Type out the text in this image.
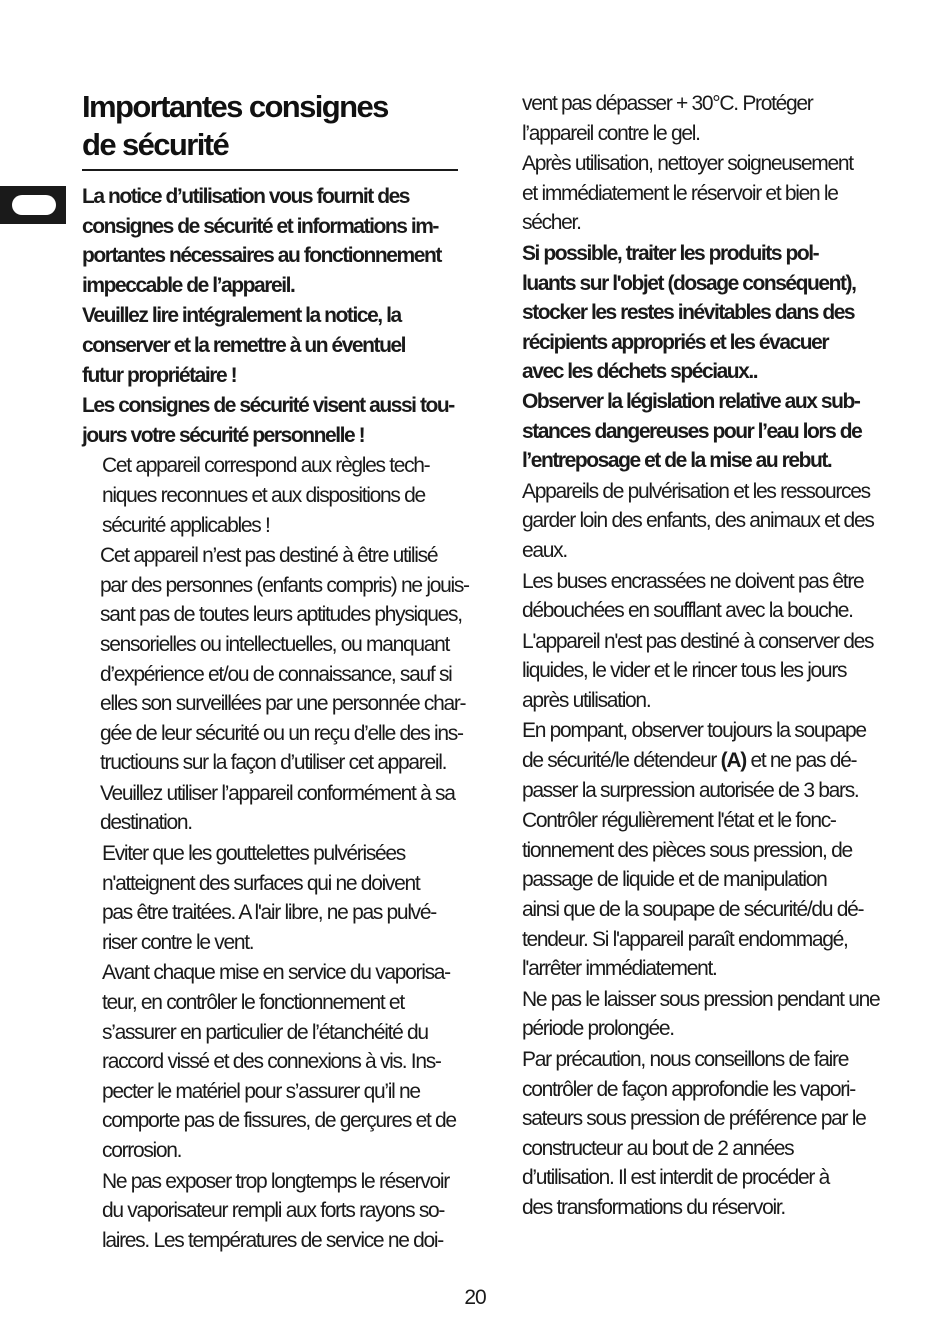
Importantes consignes
de sécurité

La notice d’utilisation vous fournit des
consignes de sécurité et informations im-
portantes nécessaires au fonctionnement
impeccable de l’appareil.

Veuillez lire intégralement la notice, la
conserver et la remettre à un éventuel
futur propriétaire !

Les consignes de sécurité visent aussi tou-
jours votre sécurité personnelle !

Cet appareil correspond aux règles tech-
niques reconnues et aux dispositions de
sécurité applicables !

Cet appareil n’est pas destiné à être utilisé
par des personnes (enfants compris) ne jouis-
sant pas de toutes leurs aptitudes physiques,
sensorielles ou intellectuelles, ou manquant
d’expérience et/ou de connaissance, sauf si
elles son surveillées par une personnée char-
gée de leur sécurité ou un reçu d’elle des ins-
tructiouns sur la façon d’utiliser cet appareil.

Veuillez utiliser l’appareil conformément à sa
destination.

Eviter que les gouttelettes pulvérisées
n'atteignent des surfaces qui ne doivent
pas être traitées. A l'air libre, ne pas pulvé-
riser contre le vent.

Avant chaque mise en service du vaporisa-
teur, en contrôler le fonctionnement et
s’assurer en particulier de l’étanchéité du
raccord vissé et des connexions à vis. Ins-
pecter le matériel pour s’assurer qu’il ne
comporte pas de fissures, de gerçures et de
corrosion.

Ne pas exposer trop longtemps le réservoir
du vaporisateur rempli aux forts rayons so-
laires. Les températures de service ne doi-

vent pas dépasser + 30°C. Protéger
l’appareil contre le gel.

Après utilisation, nettoyer soigneusement
et immédiatement le réservoir et bien le
sécher.

Si possible, traiter les produits pol-
luants sur l'objet (dosage conséquent),
stocker les restes inévitables dans des
récipients appropriés et les évacuer
avec les déchets spéciaux..

Observer la législation relative aux sub-
stances dangereuses pour l’eau lors de
l’entreposage et de la mise au rebut.

Appareils de pulvérisation et les ressources
garder loin des enfants, des animaux et des
eaux.

Les buses encrassées ne doivent pas être
débouchées en soufflant avec la bouche.

L'appareil n'est pas destiné à conserver des
liquides, le vider et le rincer tous les jours
après utilisation.

En pompant, observer toujours la soupape
de sécurité/le détendeur (A) et ne pas dé-
passer la surpression autorisée de 3 bars.

Contrôler régulièrement l'état et le fonc-
tionnement des pièces sous pression, de
passage de liquide et de manipulation
ainsi que de la soupape de sécurité/du dé-
tendeur. Si l'appareil paraît endommagé,
l'arrêter immédiatement.

Ne pas le laisser sous pression pendant une
période prolongée.

Par précaution, nous conseillons de faire
contrôler de façon approfondie les vapori-
sateurs sous pression de préférence par le
constructeur au bout de 2 années
d’utilisation. Il est interdit de procéder à
des transformations du réservoir.

20
